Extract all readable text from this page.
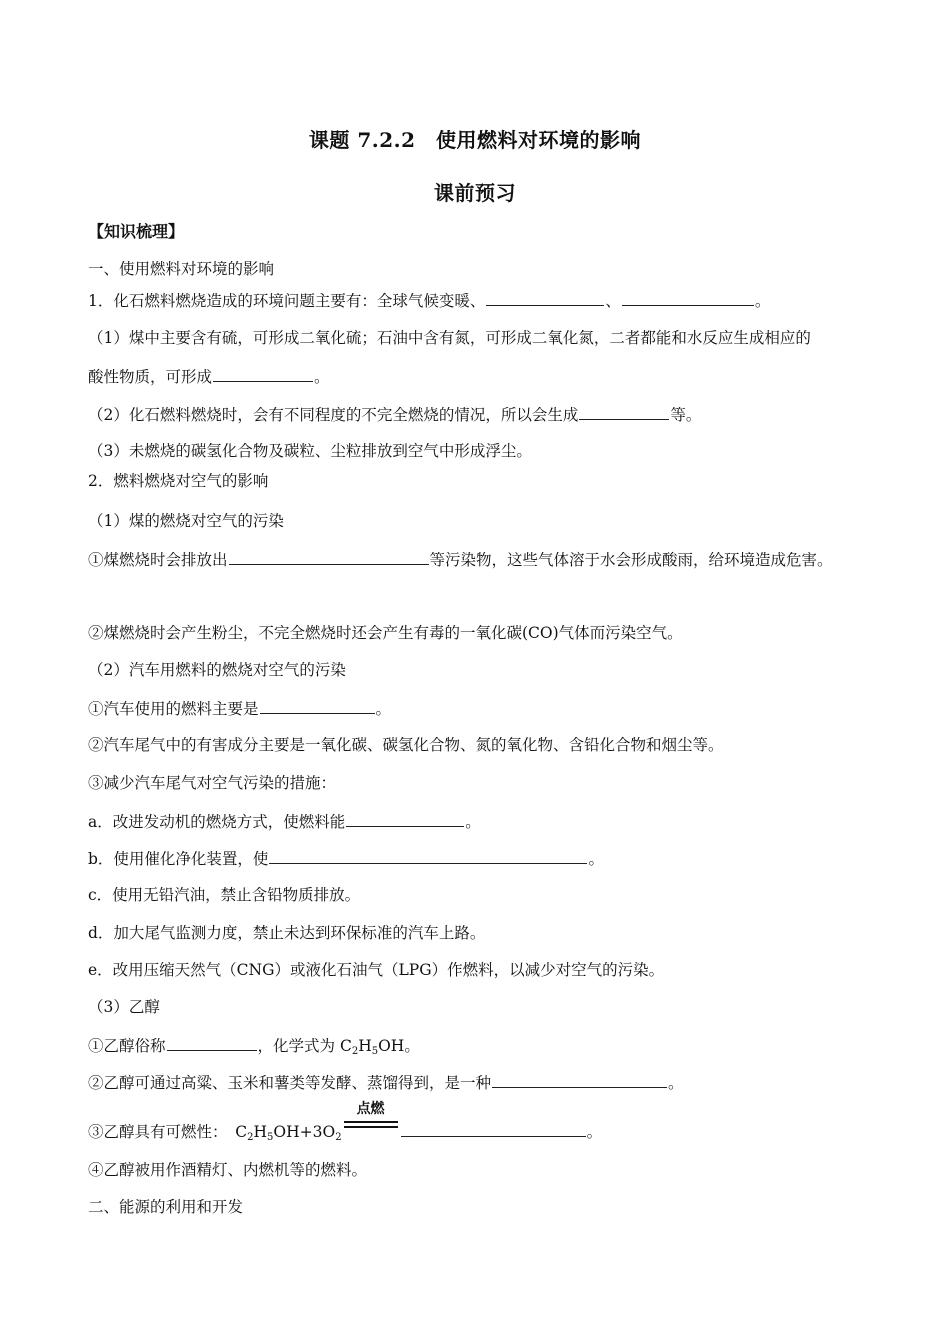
课题 7.2.2　使用燃料对环境的影响
课前预习
【知识梳理】
一、使用燃料对环境的影响
1．化石燃料燃烧造成的环境问题主要有：全球气候变暖、	、	。
（1）煤中主要含有硫，可形成二氧化硫；石油中含有氮，可形成二氧化氮，二者都能和水反应生成相应的
酸性物质，可形成	。
（2）化石燃料燃烧时，会有不同程度的不完全燃烧的情况，所以会生成	等。
（3）未燃烧的碳氢化合物及碳粒、尘粒排放到空气中形成浮尘。
2．燃料燃烧对空气的影响
（1）煤的燃烧对空气的污染
①煤燃烧时会排放出	等污染物，这些气体溶于水会形成酸雨，给环境造成危害。
②煤燃烧时会产生粉尘，不完全燃烧时还会产生有毒的一氧化碳(CO)气体而污染空气。
（2）汽车用燃料的燃烧对空气的污染
①汽车使用的燃料主要是	。
②汽车尾气中的有害成分主要是一氧化碳、碳氢化合物、氮的氧化物、含铅化合物和烟尘等。
③减少汽车尾气对空气污染的措施：
a．改进发动机的燃烧方式，使燃料能	。
b．使用催化净化装置，使	。
c．使用无铅汽油，禁止含铅物质排放。
d．加大尾气监测力度，禁止未达到环保标准的汽车上路。
e．改用压缩天然气（CNG）或液化石油气（LPG）作燃料，以减少对空气的污染。
（3）乙醇
①乙醇俗称	，化学式为 $C_2H_5OH$。
②乙醇可通过高粱、玉米和薯类等发酵、蒸馏得到，是一种	。
③乙醇具有可燃性：　$C_2H_5OH+3O_2$
点燃
。
④乙醇被用作酒精灯、内燃机等的燃料。
二、能源的利用和开发
